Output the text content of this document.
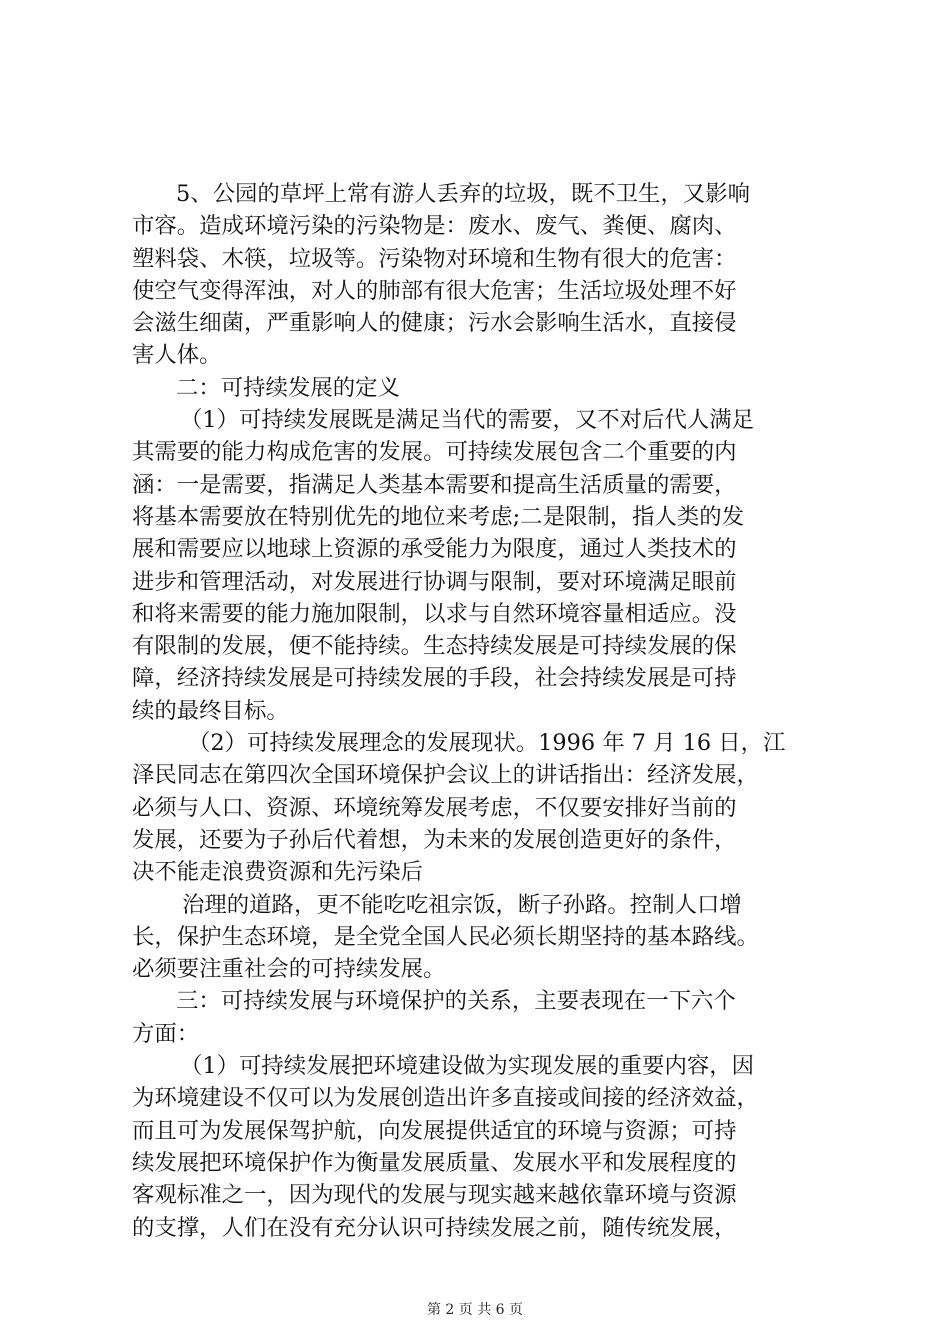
5、公园的草坪上常有游人丢弃的垃圾，既不卫生，又影响
市容。造成环境污染的污染物是：废水、废气、粪便、腐肉、
塑料袋、木筷，垃圾等。污染物对环境和生物有很大的危害：
使空气变得浑浊，对人的肺部有很大危害；生活垃圾处理不好
会滋生细菌，严重影响人的健康；污水会影响生活水，直接侵
害人体。
二：可持续发展的定义
（1）可持续发展既是满足当代的需要，又不对后代人满足
其需要的能力构成危害的发展。可持续发展包含二个重要的内
涵：一是需要，指满足人类基本需要和提高生活质量的需要，
将基本需要放在特别优先的地位来考虑;二是限制，指人类的发
展和需要应以地球上资源的承受能力为限度，通过人类技术的
进步和管理活动，对发展进行协调与限制，要对环境满足眼前
和将来需要的能力施加限制，以求与自然环境容量相适应。没
有限制的发展，便不能持续。生态持续发展是可持续发展的保
障，经济持续发展是可持续发展的手段，社会持续发展是可持
续的最终目标。
（2）可持续发展理念的发展现状。1996 年 7 月 16 日，江
泽民同志在第四次全国环境保护会议上的讲话指出：经济发展，
必须与人口、资源、环境统筹发展考虑，不仅要安排好当前的
发展，还要为子孙后代着想，为未来的发展创造更好的条件，
决不能走浪费资源和先污染后
治理的道路，更不能吃吃祖宗饭，断子孙路。控制人口增
长，保护生态环境，是全党全国人民必须长期坚持的基本路线。
必须要注重社会的可持续发展。
三：可持续发展与环境保护的关系，主要表现在一下六个
方面：
（1）可持续发展把环境建设做为实现发展的重要内容，因
为环境建设不仅可以为发展创造出许多直接或间接的经济效益，
而且可为发展保驾护航，向发展提供适宜的环境与资源；可持
续发展把环境保护作为衡量发展质量、发展水平和发展程度的
客观标准之一，因为现代的发展与现实越来越依靠环境与资源
的支撑，人们在没有充分认识可持续发展之前，随传统发展，
第 2 页 共 6 页
